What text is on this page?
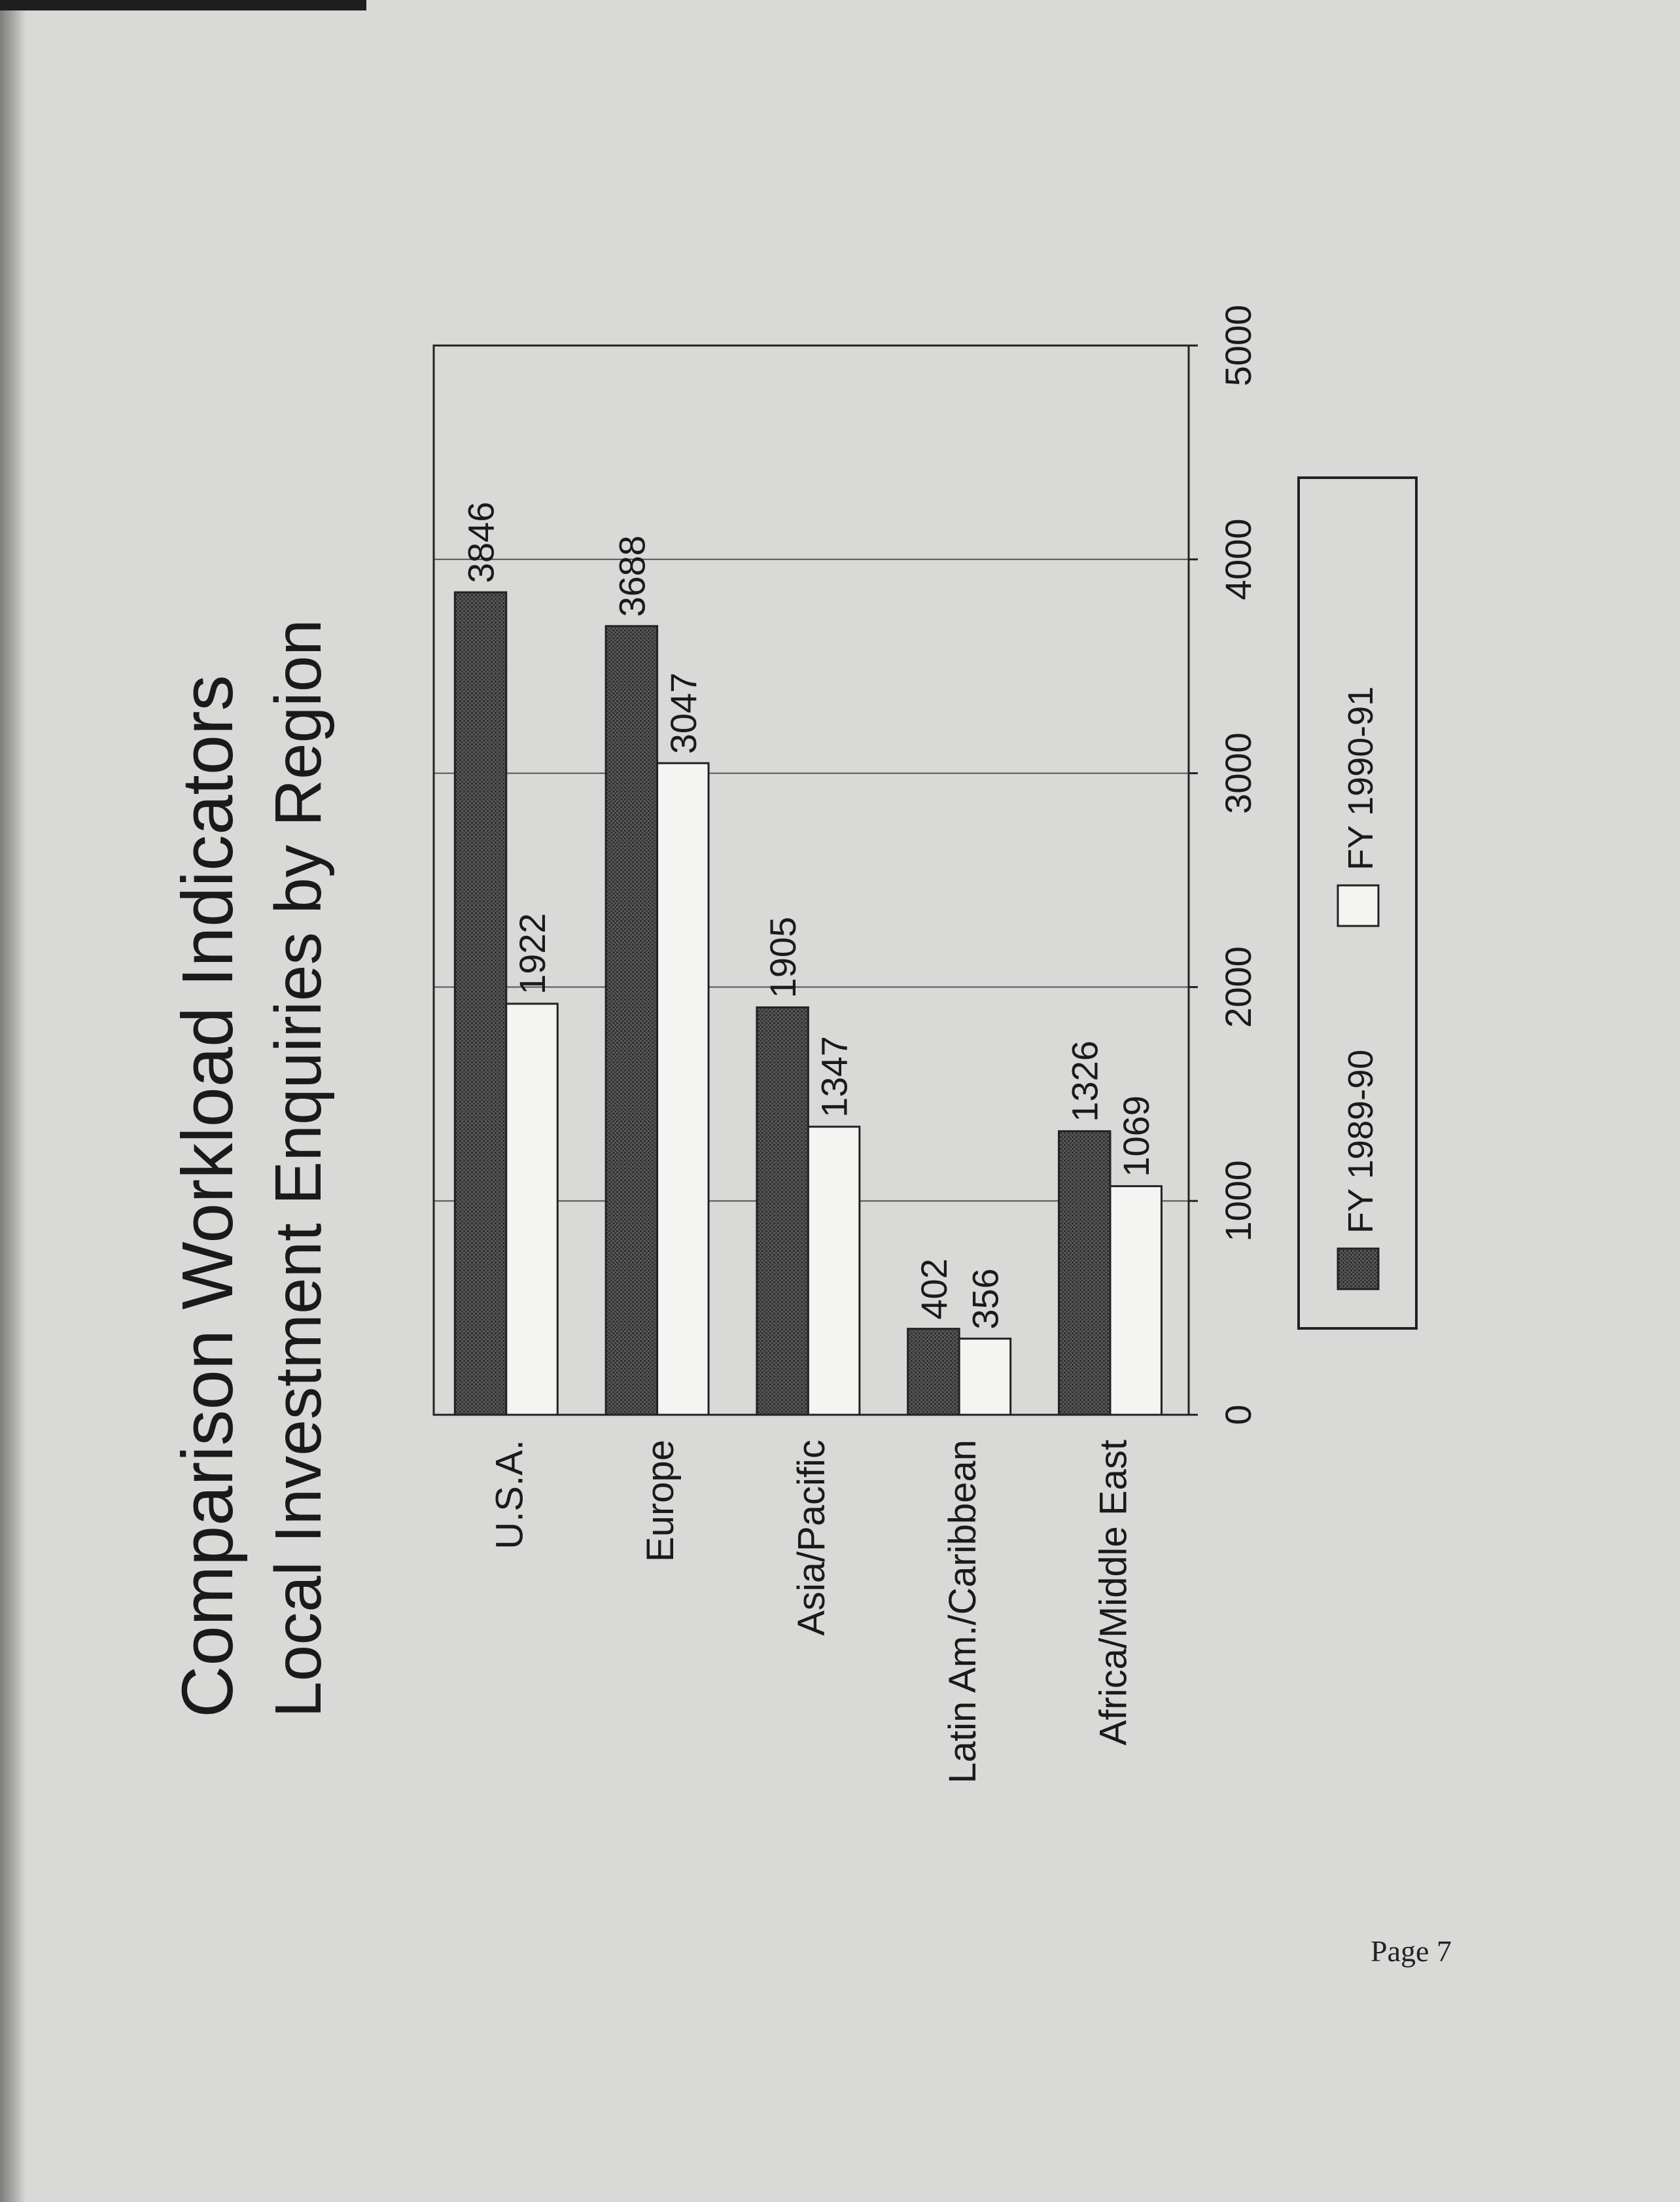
Comparison Workload Indicators Local Investment Enquiries by Region
3846
1922
3688
3047
1905
1347
402 356
1326
1069
U.S.A.	Europe	Asia/Pacific	Latin Am./Caribbean	Africa/Middle East
0
1000
2000
3000
4000
5000
FY 1989-90
FY 1990-91
Page 7
